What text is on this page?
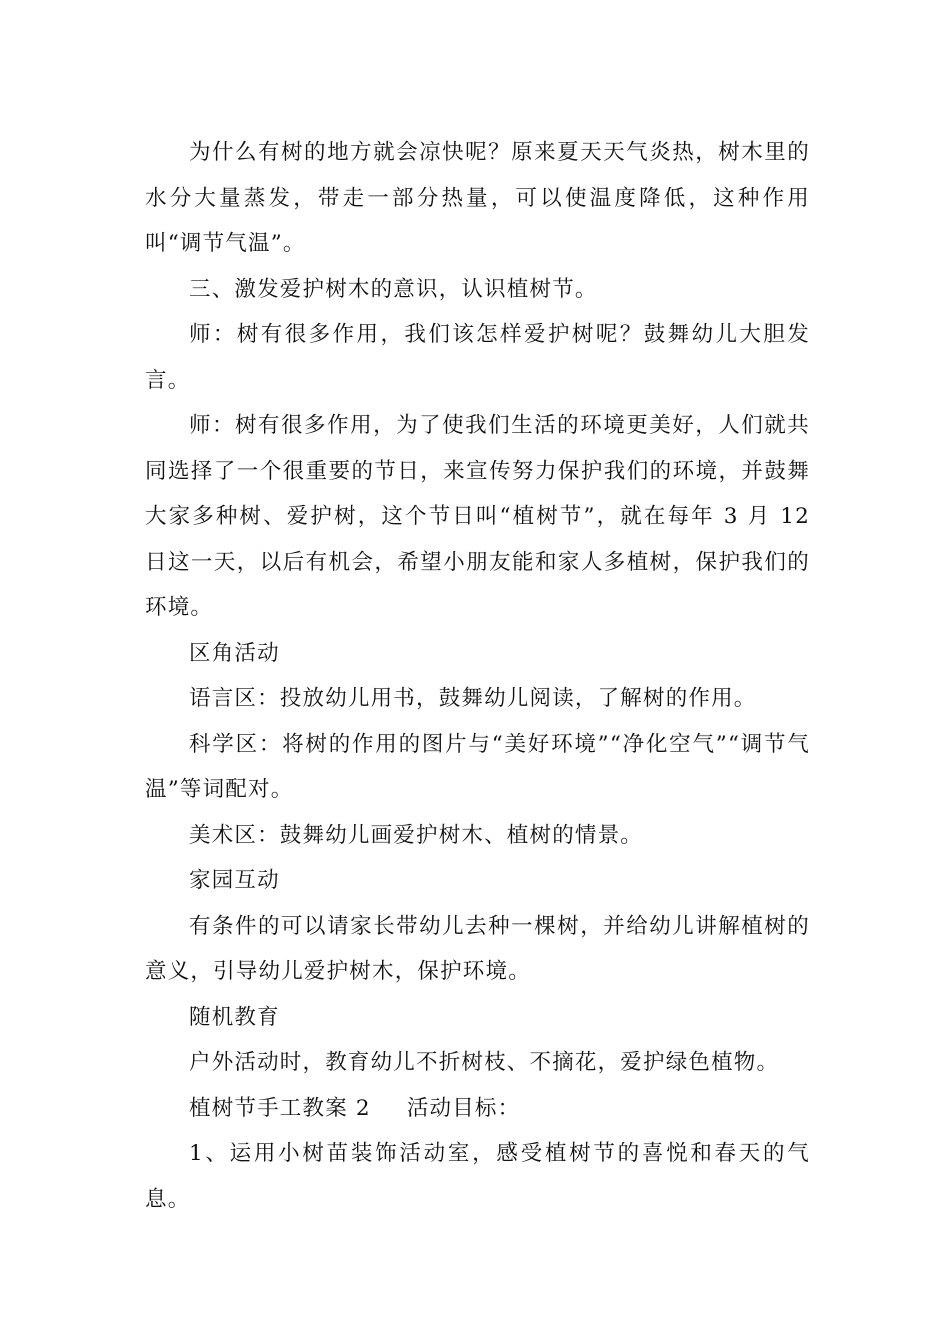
为什么有树的地方就会凉快呢？原来夏天天气炎热，树木里的水分大量蒸发，带走一部分热量，可以使温度降低，这种作用叫“调节气温”。

三、激发爱护树木的意识，认识植树节。

师：树有很多作用，我们该怎样爱护树呢？鼓舞幼儿大胆发言。

师：树有很多作用，为了使我们生活的环境更美好，人们就共同选择了一个很重要的节日，来宣传努力保护我们的环境，并鼓舞大家多种树、爱护树，这个节日叫“植树节”，就在每年 3 月 12 日这一天，以后有机会，希望小朋友能和家人多植树，保护我们的环境。

区角活动

语言区：投放幼儿用书，鼓舞幼儿阅读，了解树的作用。

科学区：将树的作用的图片与“美好环境”“净化空气”“调节气温”等词配对。

美术区：鼓舞幼儿画爱护树木、植树的情景。

家园互动

有条件的可以请家长带幼儿去种一棵树，并给幼儿讲解植树的意义，引导幼儿爱护树木，保护环境。

随机教育

户外活动时，教育幼儿不折树枝、不摘花，爱护绿色植物。

植树节手工教案 2 活动目标：

1、运用小树苗装饰活动室，感受植树节的喜悦和春天的气息。
